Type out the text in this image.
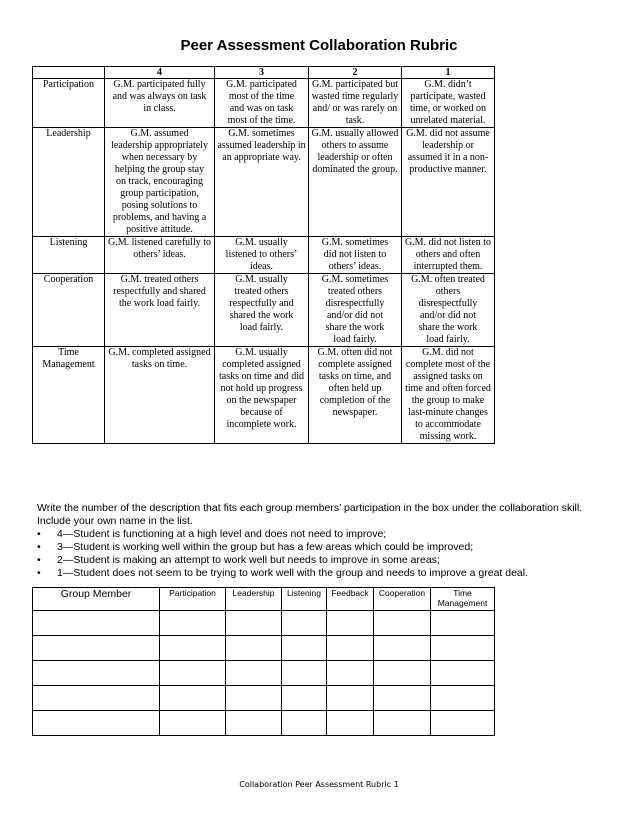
Peer Assessment Collaboration Rubric
	4	3	2	1
Participation	G.M. participated fully and was always on task in class.	G.M. participated most of the time and was on task most of the time.	G.M. participated but wasted time regularly and/ or was rarely on task.	G.M. didn’t participate, wasted time, or worked on unrelated material.
Leadership	G.M. assumed leadership appropriately when necessary by helping the group stay on track, encouraging group participation, posing solutions to problems, and having a positive attitude.	G.M. sometimes assumed leadership in an appropriate way.	G.M. usually allowed others to assume leadership or often dominated the group.	G.M. did not assume leadership or assumed it in a non-productive manner.
Listening	G.M. listened carefully to others’ ideas.	G.M. usually listened to others’ ideas.	G.M. sometimes did not listen to others’ ideas.	G.M. did not listen to others and often interrupted them.
Cooperation	G.M. treated others respectfully and shared the work load fairly.	G.M. usually treated others respectfully and shared the work load fairly.	G.M. sometimes treated others disrespectfully and/or did not share the work load fairly.	G.M. often treated others disrespectfully and/or did not share the work load fairly.
Time Management	G.M. completed assigned tasks on time.	G.M. usually completed assigned tasks on time and did not hold up progress on the newspaper because of incomplete work.	G.M. often did not complete assigned tasks on time, and often held up completion of the newspaper.	G.M. did not complete most of the assigned tasks on time and often forced the group to make last-minute changes to accommodate missing work.

Write the number of the description that fits each group members’ participation in the box under the collaboration skill. Include your own name in the list.

• 4—Student is functioning at a high level and does not need to improve;
• 3—Student is working well within the group but has a few areas which could be improved;
• 2—Student is making an attempt to work well but needs to improve in some areas;
• 1—Student does not seem to be trying to work well with the group and needs to improve a great deal.
Group Member	Participation	Leadership	Listening	Feedback	Cooperation	Time Management

Collaboration Peer Assessment Rubric 1
